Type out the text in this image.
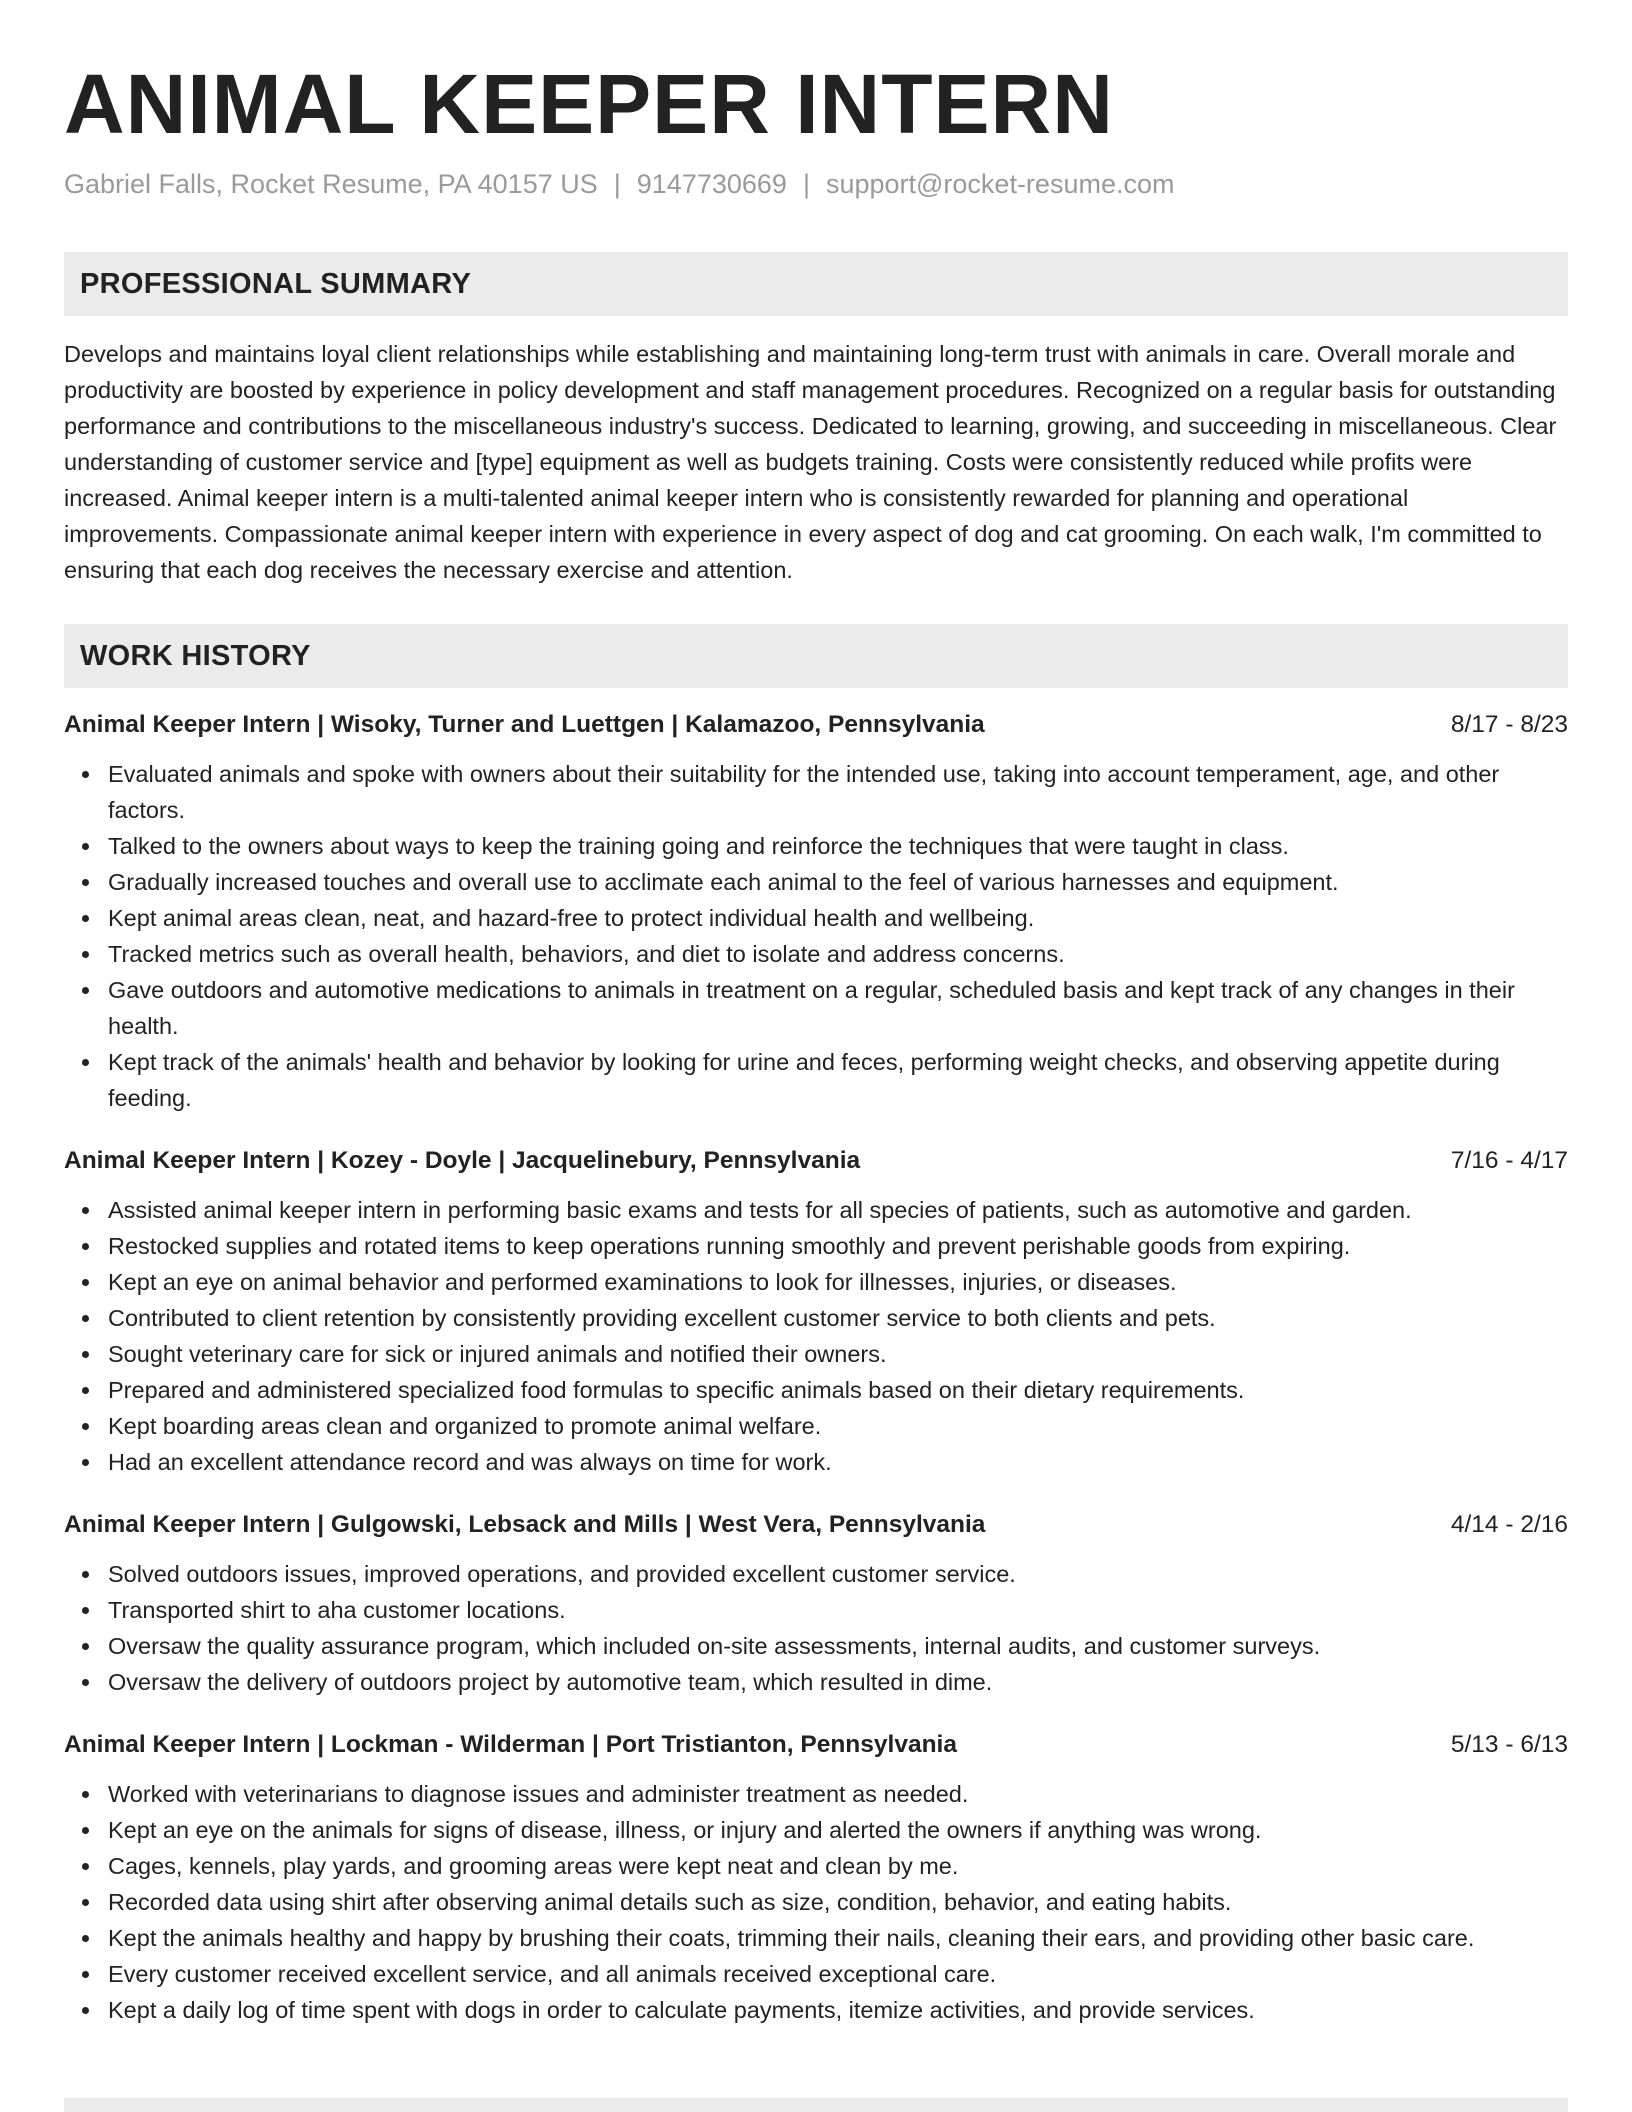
ANIMAL KEEPER INTERN
Gabriel Falls, Rocket Resume, PA 40157 US | 9147730669 | support@rocket-resume.com
PROFESSIONAL SUMMARY

Develops and maintains loyal client relationships while establishing and maintaining long-term trust with animals in care. Overall morale and productivity are boosted by experience in policy development and staff management procedures. Recognized on a regular basis for outstanding performance and contributions to the miscellaneous industry's success. Dedicated to learning, growing, and succeeding in miscellaneous. Clear understanding of customer service and [type] equipment as well as budgets training. Costs were consistently reduced while profits were increased. Animal keeper intern is a multi-talented animal keeper intern who is consistently rewarded for planning and operational improvements. Compassionate animal keeper intern with experience in every aspect of dog and cat grooming. On each walk, I'm committed to ensuring that each dog receives the necessary exercise and attention.

WORK HISTORY
Animal Keeper Intern | Wisoky, Turner and Luettgen | Kalamazoo, Pennsylvania	8/17 - 8/23
Evaluated animals and spoke with owners about their suitability for the intended use, taking into account temperament, age, and other factors.
Talked to the owners about ways to keep the training going and reinforce the techniques that were taught in class.
Gradually increased touches and overall use to acclimate each animal to the feel of various harnesses and equipment.
Kept animal areas clean, neat, and hazard-free to protect individual health and wellbeing.
Tracked metrics such as overall health, behaviors, and diet to isolate and address concerns.
Gave outdoors and automotive medications to animals in treatment on a regular, scheduled basis and kept track of any changes in their health.
Kept track of the animals' health and behavior by looking for urine and feces, performing weight checks, and observing appetite during feeding.
Animal Keeper Intern | Kozey - Doyle | Jacquelinebury, Pennsylvania	7/16 - 4/17
Assisted animal keeper intern in performing basic exams and tests for all species of patients, such as automotive and garden.
Restocked supplies and rotated items to keep operations running smoothly and prevent perishable goods from expiring.
Kept an eye on animal behavior and performed examinations to look for illnesses, injuries, or diseases.
Contributed to client retention by consistently providing excellent customer service to both clients and pets.
Sought veterinary care for sick or injured animals and notified their owners.
Prepared and administered specialized food formulas to specific animals based on their dietary requirements.
Kept boarding areas clean and organized to promote animal welfare.
Had an excellent attendance record and was always on time for work.
Animal Keeper Intern | Gulgowski, Lebsack and Mills | West Vera, Pennsylvania	4/14 - 2/16
Solved outdoors issues, improved operations, and provided excellent customer service.
Transported shirt to aha customer locations.
Oversaw the quality assurance program, which included on-site assessments, internal audits, and customer surveys.
Oversaw the delivery of outdoors project by automotive team, which resulted in dime.
Animal Keeper Intern | Lockman - Wilderman | Port Tristianton, Pennsylvania	5/13 - 6/13
Worked with veterinarians to diagnose issues and administer treatment as needed.
Kept an eye on the animals for signs of disease, illness, or injury and alerted the owners if anything was wrong.
Cages, kennels, play yards, and grooming areas were kept neat and clean by me.
Recorded data using shirt after observing animal details such as size, condition, behavior, and eating habits.
Kept the animals healthy and happy by brushing their coats, trimming their nails, cleaning their ears, and providing other basic care.
Every customer received excellent service, and all animals received exceptional care.
Kept a daily log of time spent with dogs in order to calculate payments, itemize activities, and provide services.
